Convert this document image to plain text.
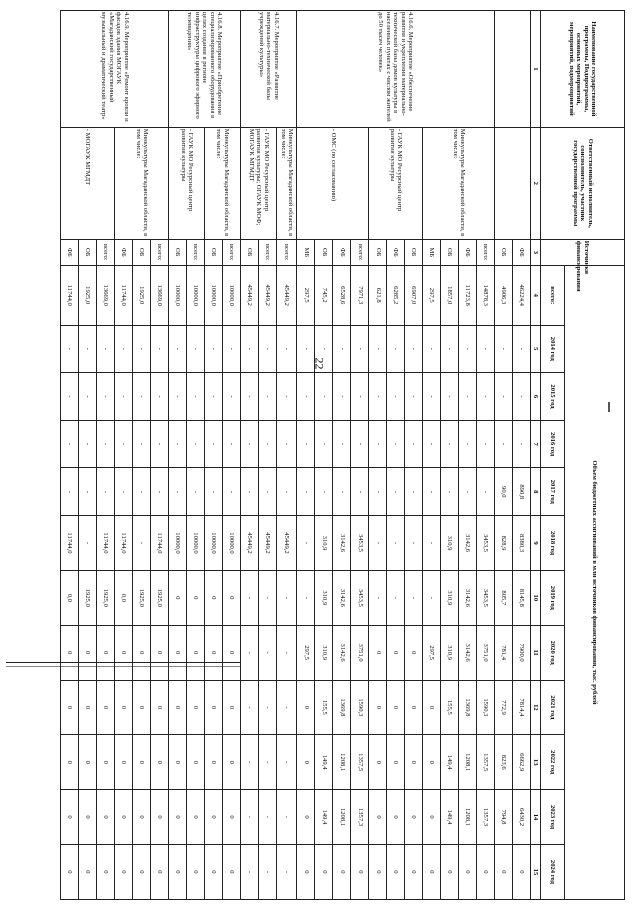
22
Наименование государственной программы, Подпрограммы, основных мероприятий, мероприятий, подмероприятий	Ответственный исполнитель, соисполнитель, участник государственной программы	Источники финансирования	Объем бюджетных ассигнований в млн источников финансирования, тыс. рублей											
			всего:	2014 год	2015 год	2016 год	2017 год	2018 год	2019 год	2020 год	2021 год	2022 год	2023 год	2024 год
1	2	3	4	5	6	7	8	9	10	11	12	13	14	15
		ФБ	46224,4	-	-	-	890,8	8380,3	8145,8	7900,0	7814,4	6662,9	6430,2	0
		ОБ	4906,3	-	-	-	90,0	828,9	805,7	781,4	772,9	823,6	794,8	0
4.16.6. Мероприятие «Обеспечение развития и укрепления материально-технической базы домов культуры в населенных пунктах с числом жителей до 50 тысяч человек»	Минкультуры Магаданской области, в том числе:	всего:	14878,3	-	-	-	-	3453,5	3453,5	3751,0	1590,3	1357,5	1357,3	0
		ФБ	11723,8	-	-	-	-	3142,6	3142,6	3142,6	1369,8	1208,1	1208,1	0
		ОБ	1857,0	-	-	-	-	310,9	310,9	310,9	155,5	149,4	149,4	0
		МБ	297,5	-	-	-	-	-	-	297,5	0	0	0	0
	- ГАУК МО Ресурсный центр развития культуры	ОБ	6907,0	-	-	-	-	-	-	0	0	0	0	0
		ФБ	6285,2	-	-	-	-	-	-	0	0	0	0	0
		ОБ	621,8	-	-	-	-	-	-	0	0	0	0	0
	- ОМС (по согласованию)	всего:	7971,3	-	-	-	-	3453,5	3453,5	3751,0	1590,3	1357,5	1357,3	0
		ФБ	6528,6	-	-	-	-	3142,6	3142,6	3142,6	1369,8	1208,1	1208,1	0
		ОБ	745,2	-	-	-	-	310,9	310,9	310,9	155,5	149,4	149,4	0
		МБ	297,5	-	-	-	-	-	-	297,5	0	0	0	0
4.16.7. Мероприятие «Развитие материально-технической базы учреждений культуры»	Минкультуры Магаданской области, в том числе:	всего:	45449,2	-	-	-	-	45449,2	-	-	-	-	-	-
	- ГАУК МО Ресурсный центр развития культуры; ОГАУК МОФ; МОГАУК МГМДТ	всего:	45449,2	-	-	-	-	45449,2	-	-	-	-	-	-
		ОБ	45449,2	-	-	-	-	45449,2	-	-	-	-	-	-
4.16.8. Мероприятие «Приобретение специализированного оборудования в целях создания в регионе инфраструктуры цифрового эфирного телевидения»	Минкультуры Магаданской области, в том числе:	всего:	10000,0	-	-	-	-	10000,0	0	0	0	0	0	0
		ОБ	10000,0	-	-	-	-	10000,0	0	0	0	0	0	0
	- ГАУК МО Ресурсный центр развития культуры	всего:	10000,0	-	-	-	-	10000,0	0	0	0	0	0	0
		ОБ	10000,0	-	-	-	-	10000,0	0	0	0	0	0	0
4.16.9. Мероприятие «Ремонт кровли и фасадов здания МОГАУК «Магаданский государственный музыкальный и драматический театр»	Минкультуры Магаданской области, в том числе:	всего:	13669,0	-	-	-	-	11744,0	1925,0	0	0	0	0	0
		ОБ	1925,0	-	-	-	-	-	1925,0	0	0	0	0	0
		ФБ	11744,0	-	-	-	-	11744,0	0,0	0	0	0	0	0
	- МОГАУК МГМДТ	всего:	13669,0	-	-	-	-	11744,0	1925,0	0	0	0	0	0
		ОБ	1925,0	-	-	-	-	-	1925,0	0	0	0	0	0
		ФБ	11744,0	-	-	-	-	11744,0	0,0	0	0	0	0	0
